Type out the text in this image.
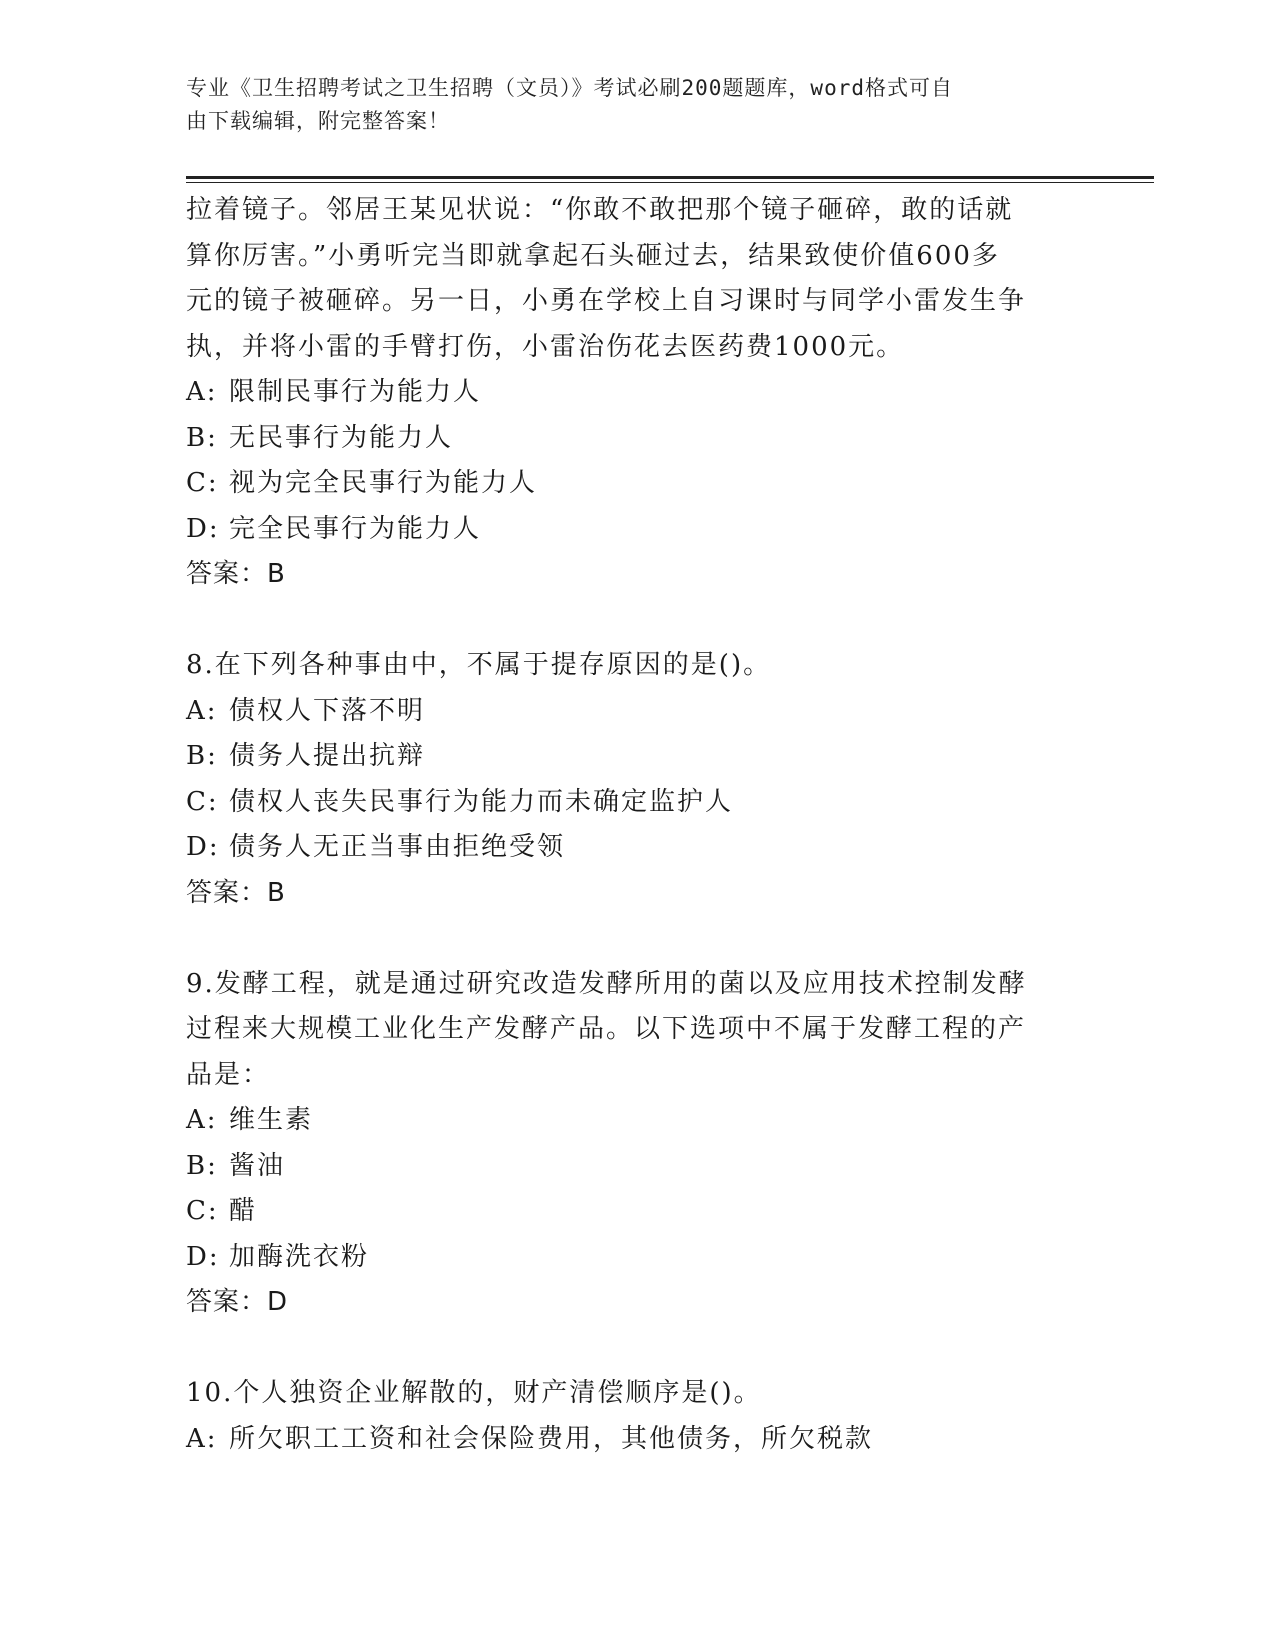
专业《卫生招聘考试之卫生招聘（文员）》考试必刷200题题库，word格式可自
由下载编辑，附完整答案！
拉着镜子。邻居王某见状说：“你敢不敢把那个镜子砸碎，敢的话就
算你厉害。”小勇听完当即就拿起石头砸过去，结果致使价值600多
元的镜子被砸碎。另一日，小勇在学校上自习课时与同学小雷发生争
执，并将小雷的手臂打伤，小雷治伤花去医药费1000元。
A: 限制民事行为能力人
B: 无民事行为能力人
C: 视为完全民事行为能力人
D: 完全民事行为能力人
答案：B
8.在下列各种事由中，不属于提存原因的是()。
A: 债权人下落不明
B: 债务人提出抗辩
C: 债权人丧失民事行为能力而未确定监护人
D: 债务人无正当事由拒绝受领
答案：B
9.发酵工程，就是通过研究改造发酵所用的菌以及应用技术控制发酵
过程来大规模工业化生产发酵产品。以下选项中不属于发酵工程的产
品是：
A: 维生素
B: 酱油
C: 醋
D: 加酶洗衣粉
答案：D
10.个人独资企业解散的，财产清偿顺序是()。
A: 所欠职工工资和社会保险费用，其他债务，所欠税款
